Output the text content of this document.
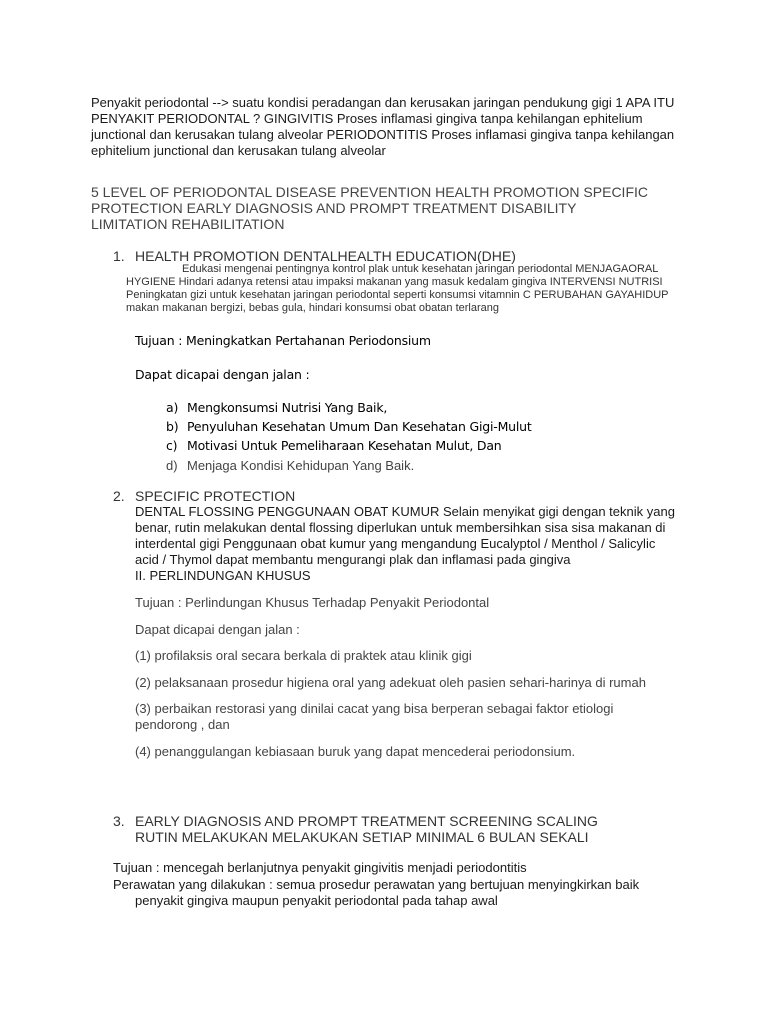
Penyakit periodontal --> suatu kondisi peradangan dan kerusakan jaringan pendukung gigi 1 APA ITU PENYAKIT PERIODONTAL ? GINGIVITIS Proses inflamasi gingiva tanpa kehilangan ephitelium junctional dan kerusakan tulang alveolar PERIODONTITIS Proses inflamasi gingiva tanpa kehilangan ephitelium junctional dan kerusakan tulang alveolar

5 LEVEL OF PERIODONTAL DISEASE PREVENTION HEALTH PROMOTION SPECIFIC PROTECTION EARLY DIAGNOSIS AND PROMPT TREATMENT DISABILITY LIMITATION REHABILITATION

1. HEALTH PROMOTION DENTALHEALTH EDUCATION(DHE)

Edukasi mengenai pentingnya kontrol plak untuk kesehatan jaringan periodontal MENJAGAORAL HYGIENE Hindari adanya retensi atau impaksi makanan yang masuk kedalam gingiva INTERVENSI NUTRISI Peningkatan gizi untuk kesehatan jaringan periodontal seperti konsumsi vitamnin C PERUBAHAN GAYAHIDUP makan makanan bergizi, bebas gula, hindari konsumsi obat obatan terlarang

Tujuan : Meningkatkan Pertahanan Periodonsium

Dapat dicapai dengan jalan :

a) Mengkonsumsi Nutrisi Yang Baik,
b) Penyuluhan Kesehatan Umum Dan Kesehatan Gigi-Mulut
c) Motivasi Untuk Pemeliharaan Kesehatan Mulut, Dan
d) Menjaga Kondisi Kehidupan Yang Baik.
2. SPECIFIC PROTECTION

DENTAL FLOSSING PENGGUNAAN OBAT KUMUR Selain menyikat gigi dengan teknik yang benar, rutin melakukan dental flossing diperlukan untuk membersihkan sisa sisa makanan di interdental gigi Penggunaan obat kumur yang mengandung Eucalyptol / Menthol / Salicylic acid / Thymol dapat membantu mengurangi plak dan inflamasi pada gingiva

II. PERLINDUNGAN KHUSUS

Tujuan : Perlindungan Khusus Terhadap Penyakit Periodontal

Dapat dicapai dengan jalan :

(1) profilaksis oral secara berkala di praktek atau klinik gigi

(2) pelaksanaan prosedur higiena oral yang adekuat oleh pasien sehari-harinya di rumah

(3) perbaikan restorasi yang dinilai cacat yang bisa berperan sebagai faktor etiologi pendorong , dan

(4) penanggulangan kebiasaan buruk yang dapat mencederai periodonsium.

3. EARLY DIAGNOSIS AND PROMPT TREATMENT SCREENING SCALING RUTIN MELAKUKAN MELAKUKAN SETIAP MINIMAL 6 BULAN SEKALI

Tujuan : mencegah berlanjutnya penyakit gingivitis menjadi periodontitis

Perawatan yang dilakukan : semua prosedur perawatan yang bertujuan menyingkirkan baik penyakit gingiva maupun penyakit periodontal pada tahap awal
